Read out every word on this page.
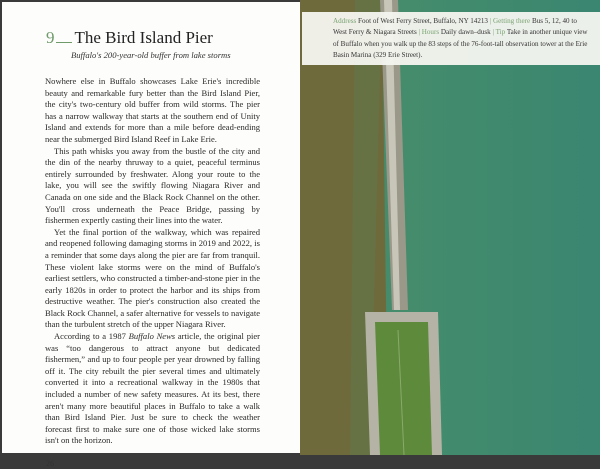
9 The Bird Island Pier
Buffalo's 200-year-old buffer from lake storms

Nowhere else in Buffalo showcases Lake Erie's incredible beauty and remarkable fury better than the Bird Island Pier, the city's two-century old buffer from wild storms. The pier has a narrow walkway that starts at the southern end of Unity Island and extends for more than a mile before dead-ending near the submerged Bird Island Reef in Lake Erie.

This path whisks you away from the bustle of the city and the din of the nearby thruway to a quiet, peaceful terminus entirely surrounded by freshwater. Along your route to the lake, you will see the swiftly flowing Niagara River and Canada on one side and the Black Rock Channel on the other. You'll cross underneath the Peace Bridge, passing by fishermen expertly casting their lines into the water.

Yet the final portion of the walkway, which was repaired and reopened following damaging storms in 2019 and 2022, is a reminder that some days along the pier are far from tranquil. These violent lake storms were on the mind of Buffalo's earliest settlers, who constructed a timber-and-stone pier in the early 1820s in order to protect the harbor and its ships from destructive weather. The pier's construction also created the Black Rock Channel, a safer alternative for vessels to navigate than the turbulent stretch of the upper Niagara River.

According to a 1987 Buffalo News article, the original pier was “too dangerous to attract anyone but dedicated fishermen,” and up to four people per year drowned by falling off it. The city rebuilt the pier several times and ultimately converted it into a recreational walkway in the 1980s that included a number of new safety measures. At its best, there aren't many more beautiful places in Buffalo to take a walk than Bird Island Pier. Just be sure to check the weather forecast first to make sure one of those wicked lake storms isn't on the horizon.

26
Address Foot of West Ferry Street, Buffalo, NY 14213 | Getting there Bus 5, 12, 40 to West Ferry & Niagara Streets | Hours Daily dawn–dusk | Tip Take in another unique view of Buffalo when you walk up the 83 steps of the 76-foot-tall observation tower at the Erie Basin Marina (329 Erie Street).
